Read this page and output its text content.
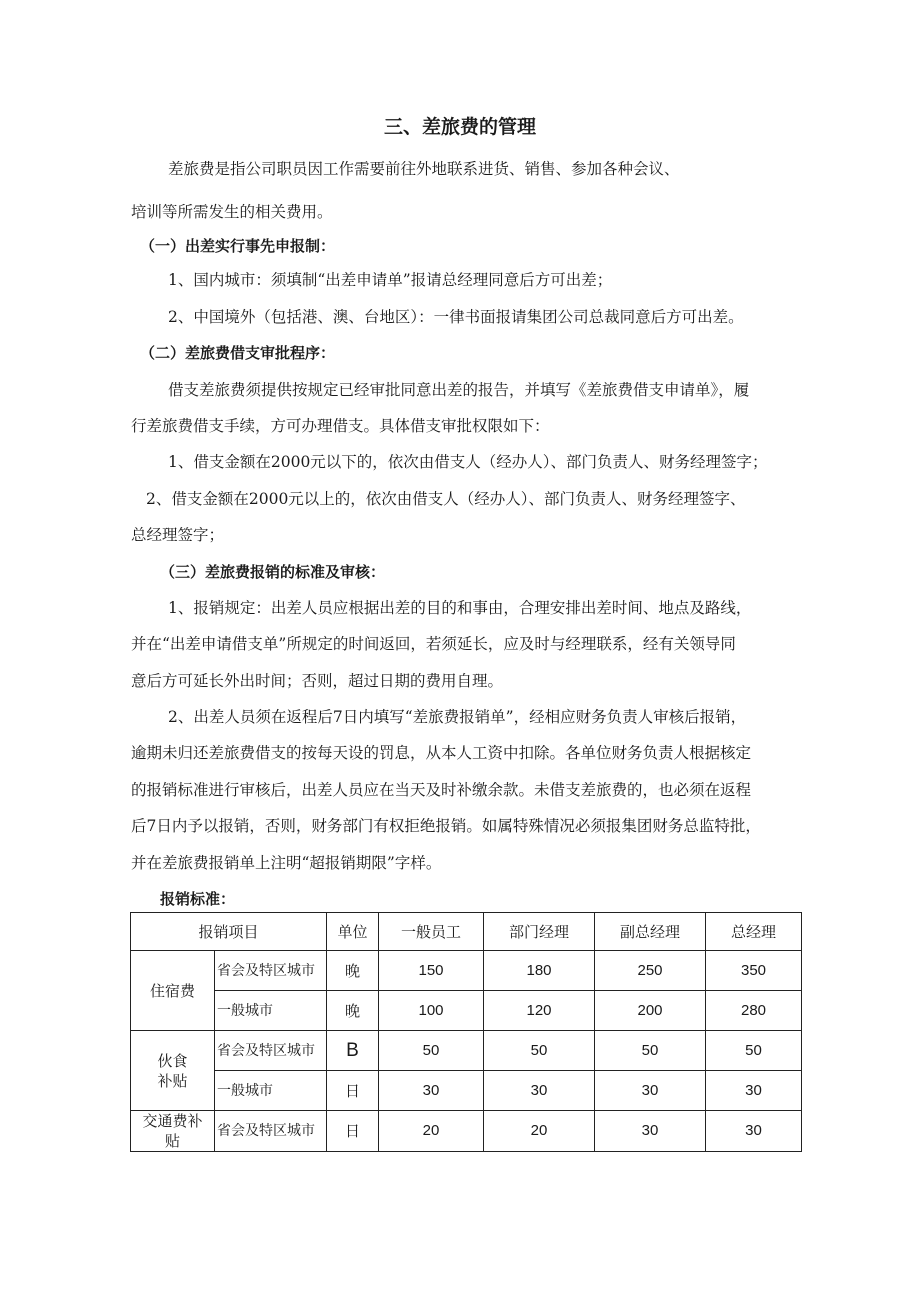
三、差旅费的管理
差旅费是指公司职员因工作需要前往外地联系进货、销售、参加各种会议、
培训等所需发生的相关费用。
（一）出差实行事先申报制：
1、国内城市：须填制“出差申请单”报请总经理同意后方可出差；
2、中国境外（包括港、澳、台地区）：一律书面报请集团公司总裁同意后方可出差。
（二）差旅费借支审批程序：
借支差旅费须提供按规定已经审批同意出差的报告，并填写《差旅费借支申请单》，履
行差旅费借支手续，方可办理借支。具体借支审批权限如下：
1、借支金额在2000元以下的，依次由借支人（经办人）、部门负责人、财务经理签字；
2、借支金额在2000元以上的，依次由借支人（经办人）、部门负责人、财务经理签字、
总经理签字；
（三）差旅费报销的标准及审核：
1、报销规定：出差人员应根据出差的目的和事由，合理安排出差时间、地点及路线，
并在“出差申请借支单”所规定的时间返回，若须延长，应及时与经理联系，经有关领导同
意后方可延长外出时间；否则，超过日期的费用自理。
2、出差人员须在返程后7日内填写“差旅费报销单”，经相应财务负责人审核后报销，
逾期未归还差旅费借支的按每天设的罚息，从本人工资中扣除。各单位财务负责人根据核定
的报销标准进行审核后，出差人员应在当天及时补缴余款。未借支差旅费的，也必须在返程
后7日内予以报销，否则，财务部门有权拒绝报销。如属特殊情况必须报集团财务总监特批，
并在差旅费报销单上注明“超报销期限”字样。
报销标准：
报销项目		单位	一般员工	部门经理	副总经理	总经理
住宿费	省会及特区城市	晚	150	180	250	350
	一般城市	晚	100	120	200	280

伙食
补贴	省会及特区城市	B	50	50	50	50
	一般城市	日	30	30	30	30

交通费补
贴	省会及特区城市	日	20	20	30	30
